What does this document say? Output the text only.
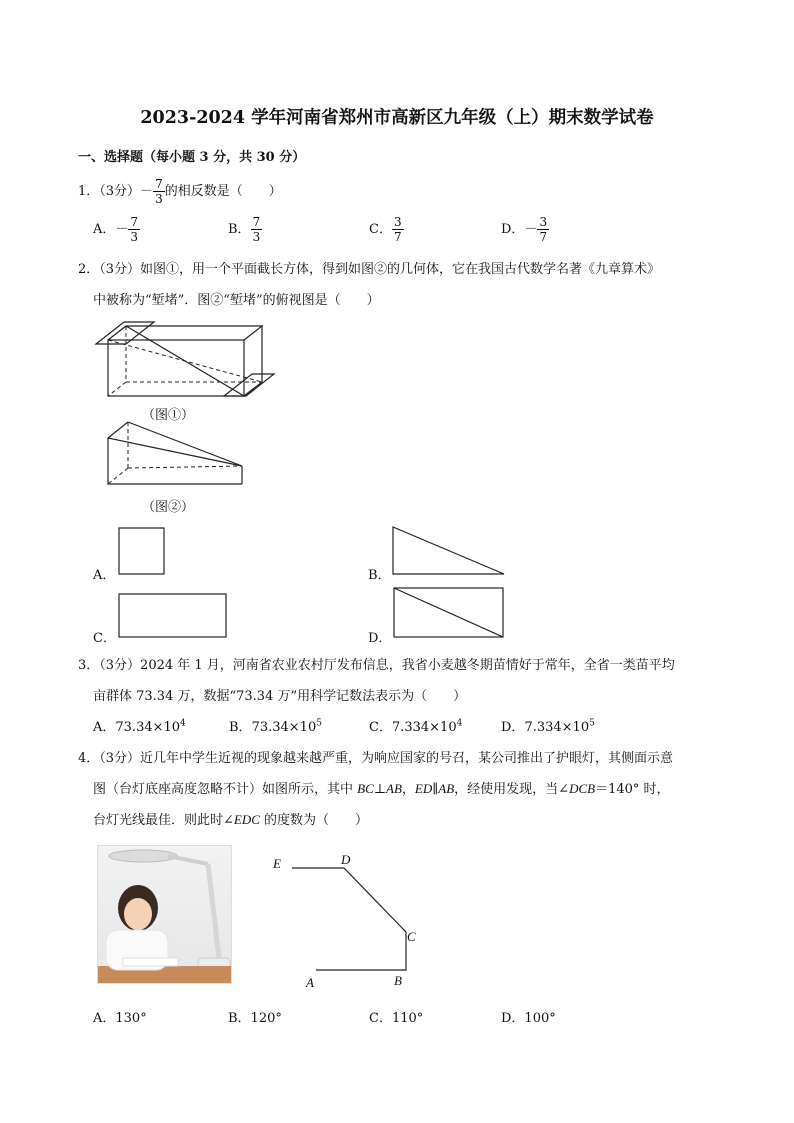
2023-2024 学年河南省郑州市高新区九年级（上）期末数学试卷
一、选择题（每小题 3 分，共 30 分）
1．（3分）－ $\frac{7}{3}$ 的相反数是（　　）
A．－ $\frac{7}{3}$	B． $\frac{7}{3}$	C． $\frac{3}{7}$	D．－ $\frac{3}{7}$
2．（3分）如图①，用一个平面截长方体，得到如图②的几何体，它在我国古代数学名著《九章算术》
中被称为“堑堵”．图②“堑堵”的俯视图是（　　）
（图①）
（图②）
A．	B．
C．	D．
3．（3分）2024 年 1 月，河南省农业农村厅发布信息，我省小麦越冬期苗情好于常年，全省一类苗平均
亩群体 73.34 万，数据“73.34 万”用科学记数法表示为（　　）
A．$73.34\times 10^4$	B．$73.34\times 10^5$	C．$7.334\times 10^4$	D．$7.334\times 10^5$
4．（3分）近几年中学生近视的现象越来越严重，为响应国家的号召，某公司推出了护眼灯，其侧面示意
图（台灯底座高度忽略不计）如图所示，其中 BC⊥AB，ED∥AB，经使用发现，当∠DCB＝140° 时，
台灯光线最佳．则此时∠EDC 的度数为（　　）
E	D
C
A	B
A．130°	B．120°	C．110°	D．100°
